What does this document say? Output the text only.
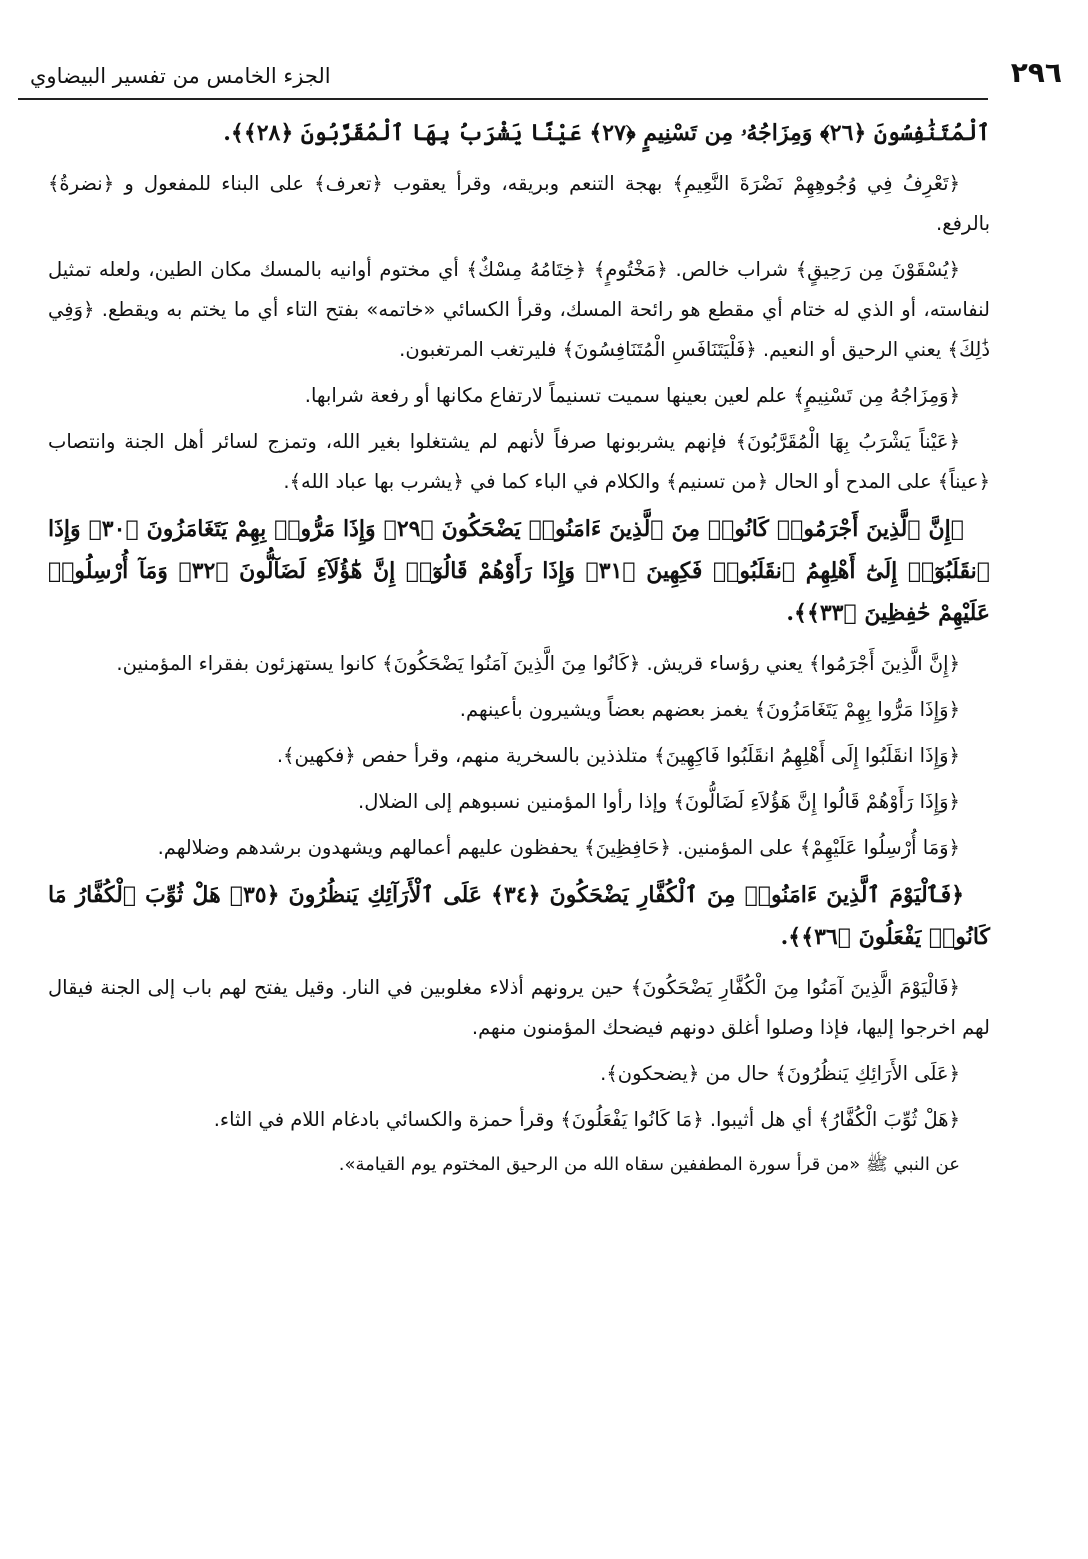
٢٩٦
الجزء الخامس من تفسير البيضاوي

ٱلْمُتَنَٰفِسُونَ ﴿٢٦﴾ وَمِزَاجُهُۥ مِن تَسْنِيمٍ ﴿٢٧﴾ عَيْنًا يَشْرَبُ بِهَا ٱلْمُقَرَّبُونَ ﴿٢٨﴾﴾.

﴿تَعْرِفُ فِي وُجُوهِهِمْ نَضْرَةَ النَّعِيمِ﴾ بهجة التنعم وبريقه، وقرأ يعقوب ﴿تعرف﴾ على البناء للمفعول و ﴿نضرةُ﴾ بالرفع.

﴿يُسْقَوْنَ مِن رَحِيقٍ﴾ شراب خالص. ﴿مَخْتُومٍ﴾ ﴿خِتَامُهُ مِسْكٌ﴾ أي مختوم أوانيه بالمسك مكان الطين، ولعله تمثيل لنفاسته، أو الذي له ختام أي مقطع هو رائحة المسك، وقرأ الكسائي «خاتمه» بفتح التاء أي ما يختم به ويقطع. ﴿وَفِي ذَٰلِكَ﴾ يعني الرحيق أو النعيم. ﴿فَلْيَتَنَافَسِ الْمُتَنَافِسُونَ﴾ فليرتغب المرتغبون.

﴿وَمِزَاجُهُ مِن تَسْنِيمٍ﴾ علم لعين بعينها سميت تسنيماً لارتفاع مكانها أو رفعة شرابها.

﴿عَيْناً يَشْرَبُ بِهَا الْمُقَرَّبُونَ﴾ فإنهم يشربونها صرفاً لأنهم لم يشتغلوا بغير الله، وتمزج لسائر أهل الجنة وانتصاب ﴿عيناً﴾ على المدح أو الحال ﴿من تسنيم﴾ والكلام في الباء كما في ﴿يشرب بها عباد الله﴾.

﴿إِنَّ ٱلَّذِينَ أَجْرَمُوا۟ كَانُوا۟ مِنَ ٱلَّذِينَ ءَامَنُوا۟ يَضْحَكُونَ ﴿٢٩﴾ وَإِذَا مَرُّوا۟ بِهِمْ يَتَغَامَزُونَ ﴿٣٠﴾ وَإِذَا ٱنقَلَبُوٓا۟ إِلَىٰٓ أَهْلِهِمُ ٱنقَلَبُوا۟ فَكِهِينَ ﴿٣١﴾ وَإِذَا رَأَوْهُمْ قَالُوٓا۟ إِنَّ هَٰٓؤُلَآءِ لَضَآلُّونَ ﴿٣٢﴾ وَمَآ أُرْسِلُوا۟ عَلَيْهِمْ حَٰفِظِينَ ﴿٣٣﴾﴾.

﴿إِنَّ الَّذِينَ أَجْرَمُوا﴾ يعني رؤساء قريش. ﴿كَانُوا مِنَ الَّذِينَ آمَنُوا يَضْحَكُونَ﴾ كانوا يستهزئون بفقراء المؤمنين.

﴿وَإِذَا مَرُّوا بِهِمْ يَتَغَامَزُونَ﴾ يغمز بعضهم بعضاً ويشيرون بأعينهم.

﴿وَإِذَا انقَلَبُوا إِلَى أَهْلِهِمُ انقَلَبُوا فَاكِهِينَ﴾ متلذذين بالسخرية منهم، وقرأ حفص ﴿فكهين﴾.

﴿وَإِذَا رَأَوْهُمْ قَالُوا إِنَّ هَؤُلاَءِ لَضَالُّونَ﴾ وإذا رأوا المؤمنين نسبوهم إلى الضلال.

﴿وَمَا أُرْسِلُوا عَلَيْهِمْ﴾ على المؤمنين. ﴿حَافِظِينَ﴾ يحفظون عليهم أعمالهم ويشهدون برشدهم وضلالهم.

﴿فَٱلْيَوْمَ ٱلَّذِينَ ءَامَنُوا۟ مِنَ ٱلْكُفَّارِ يَضْحَكُونَ ﴿٣٤﴾ عَلَى ٱلْأَرَآئِكِ يَنظُرُونَ ﴿٣٥﴾ هَلْ ثُوِّبَ ٱلْكُفَّارُ مَا كَانُوا۟ يَفْعَلُونَ ﴿٣٦﴾﴾.

﴿فَالْيَوْمَ الَّذِينَ آمَنُوا مِنَ الْكُفَّارِ يَضْحَكُونَ﴾ حين يرونهم أذلاء مغلوبين في النار. وقيل يفتح لهم باب إلى الجنة فيقال لهم اخرجوا إليها، فإذا وصلوا أغلق دونهم فيضحك المؤمنون منهم.

﴿عَلَى الأَرَائِكِ يَنظُرُونَ﴾ حال من ﴿يضحكون﴾.

﴿هَلْ ثُوِّبَ الْكُفَّارُ﴾ أي هل أثيبوا. ﴿مَا كَانُوا يَفْعَلُونَ﴾ وقرأ حمزة والكسائي بادغام اللام في الثاء.

عن النبي ﷺ «من قرأ سورة المطففين سقاه الله من الرحيق المختوم يوم القيامة».
